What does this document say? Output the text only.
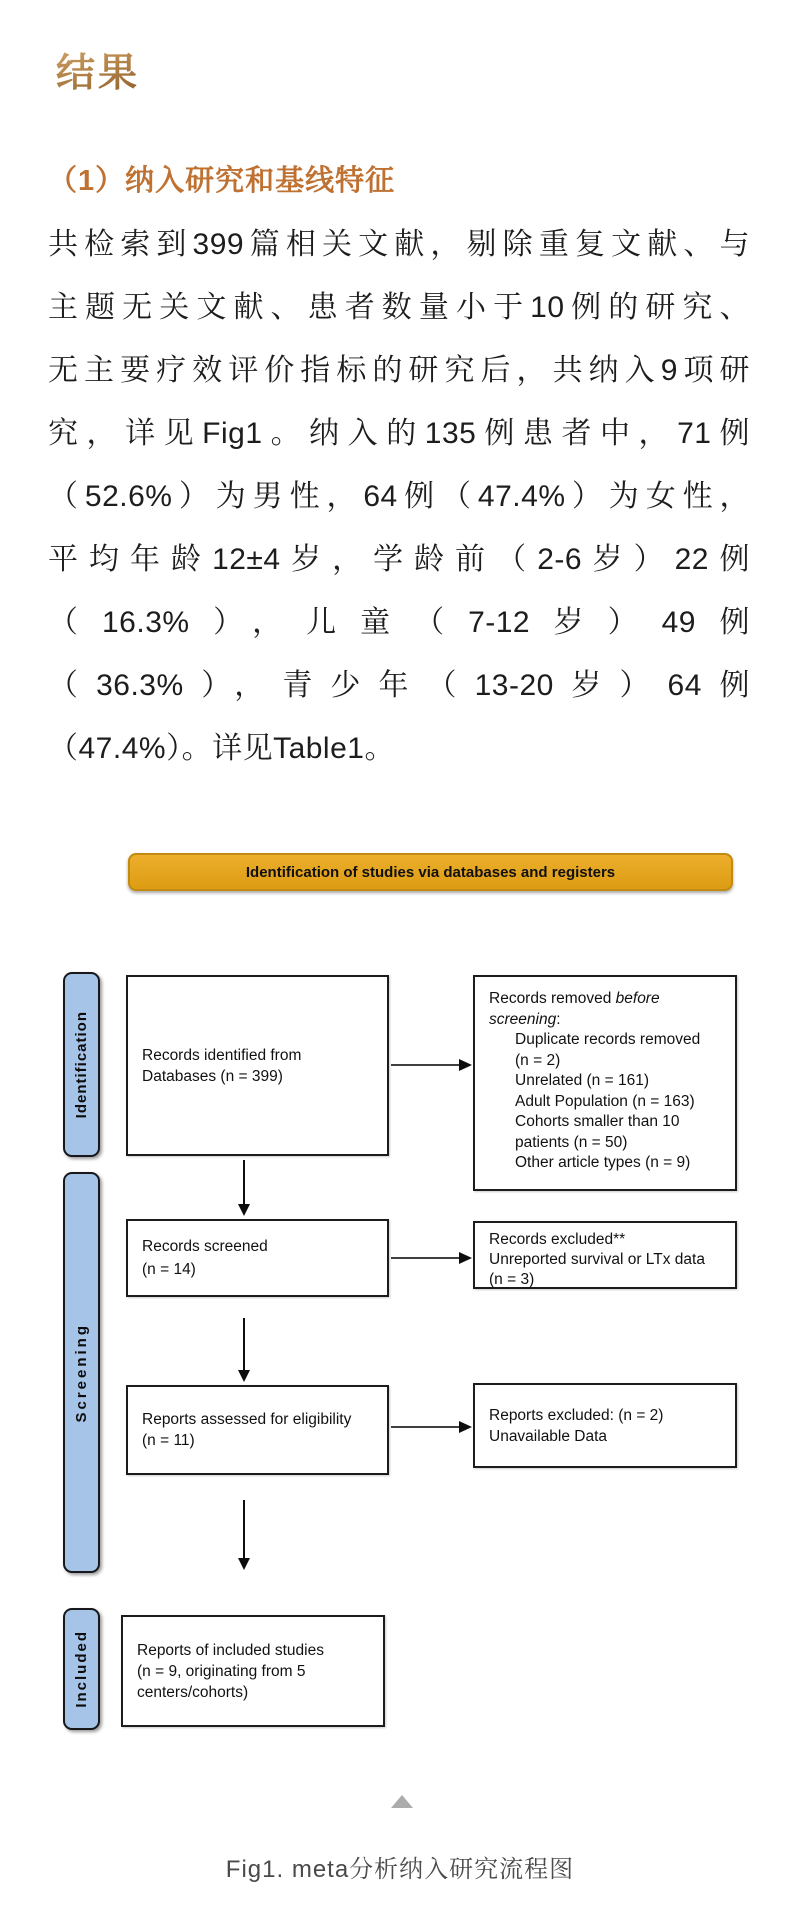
结果
（1）纳入研究和基线特征
共检索到399篇相关文献，剔除重复文献、与
主题无关文献、患者数量小于10例的研究、
无主要疗效评价指标的研究后，共纳入9项研
究，详见Fig1。纳入的135例患者中，71例
（52.6%）为男性，64例（47.4%）为女性，
平均年龄12±4岁，学龄前（2-6岁）22例
（16.3%），儿童（7-12岁）49例
（36.3%），青少年（13-20岁）64例
（47.4%）。详见Table1。
Identification of studies via databases and registers
Identification
Screening
Included
Records identified from
Databases (n = 399)
Records removed before
screening:
Duplicate records removed
(n = 2)
Unrelated (n = 161)
Adult Population (n = 163)
Cohorts smaller than 10
patients (n = 50)
Other article types (n = 9)
Records screened
(n = 14)
Records excluded**
Unreported survival or LTx data
(n = 3)
Reports assessed for eligibility
(n = 11)
Reports excluded: (n = 2)
Unavailable Data
Reports of included studies
(n = 9, originating from 5
centers/cohorts)
Fig1. meta分析纳入研究流程图
